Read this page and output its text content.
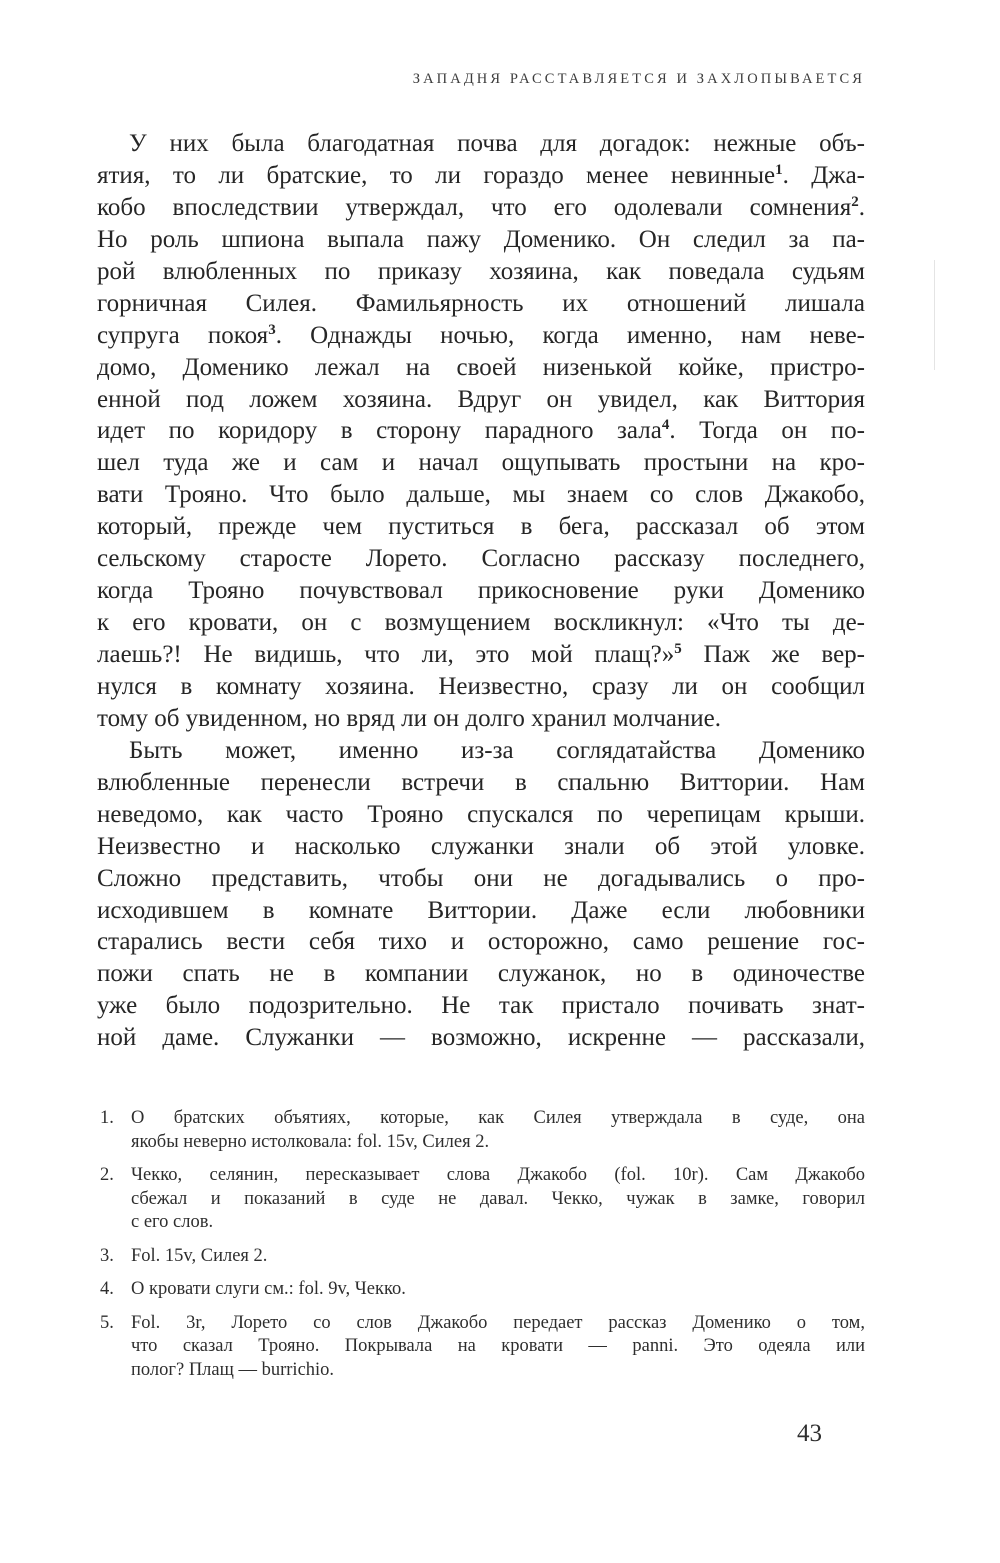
ЗАПАДНЯ РАССТАВЛЯЕТСЯ И ЗАХЛОПЫВАЕТСЯ
У них была благодатная почва для догадок: нежные объ-
ятия, то ли братские, то ли гораздо менее невинные$^1$. Джа-
кобо впоследствии утверждал, что его одолевали сомнения$^2$.
Но роль шпиона выпала пажу Доменико. Он следил за па-
рой влюбленных по приказу хозяина, как поведала судьям
горничная Силея. Фамильярность их отношений лишала
супруга покоя$^3$. Однажды ночью, когда именно, нам неве-
домо, Доменико лежал на своей низенькой койке, пристро-
енной под ложем хозяина. Вдруг он увидел, как Виттория
идет по коридору в сторону парадного зала$^4$. Тогда он по-
шел туда же и сам и начал ощупывать простыни на кро-
вати Трояно. Что было дальше, мы знаем со слов Джакобо,
который, прежде чем пуститься в бега, рассказал об этом
сельскому старосте Лорето. Согласно рассказу последнего,
когда Трояно почувствовал прикосновение руки Доменико
к его кровати, он с возмущением воскликнул: «Что ты де-
лаешь?! Не видишь, что ли, это мой плащ?»$^5$ Паж же вер-
нулся в комнату хозяина. Неизвестно, сразу ли он сообщил
тому об увиденном, но вряд ли он долго хранил молчание.
Быть может, именно из-за соглядатайства Доменико
влюбленные перенесли встречи в спальню Виттории. Нам
неведомо, как часто Трояно спускался по черепицам крыши.
Неизвестно и насколько служанки знали об этой уловке.
Сложно представить, чтобы они не догадывались о про-
исходившем в комнате Виттории. Даже если любовники
старались вести себя тихо и осторожно, само решение гос-
пожи спать не в компании служанок, но в одиночестве
уже было подозрительно. Не так пристало почивать знат-
ной даме. Служанки — возможно, искренне — рассказали,
1. О братских объятиях, которые, как Силея утверждала в суде, она
якобы неверно истолковала: fol. 15v, Силея 2.
2. Чекко, селянин, пересказывает слова Джакобо (fol. 10r). Сам Джакобо
сбежал и показаний в суде не давал. Чекко, чужак в замке, говорил
с его слов.
3. Fol. 15v, Силея 2.
4. О кровати слуги см.: fol. 9v, Чекко.
5. Fol. 3r, Лорето со слов Джакобо передает рассказ Доменико о том,
что сказал Трояно. Покрывала на кровати — panni. Это одеяла или
полог? Плащ — burrichio.
43
